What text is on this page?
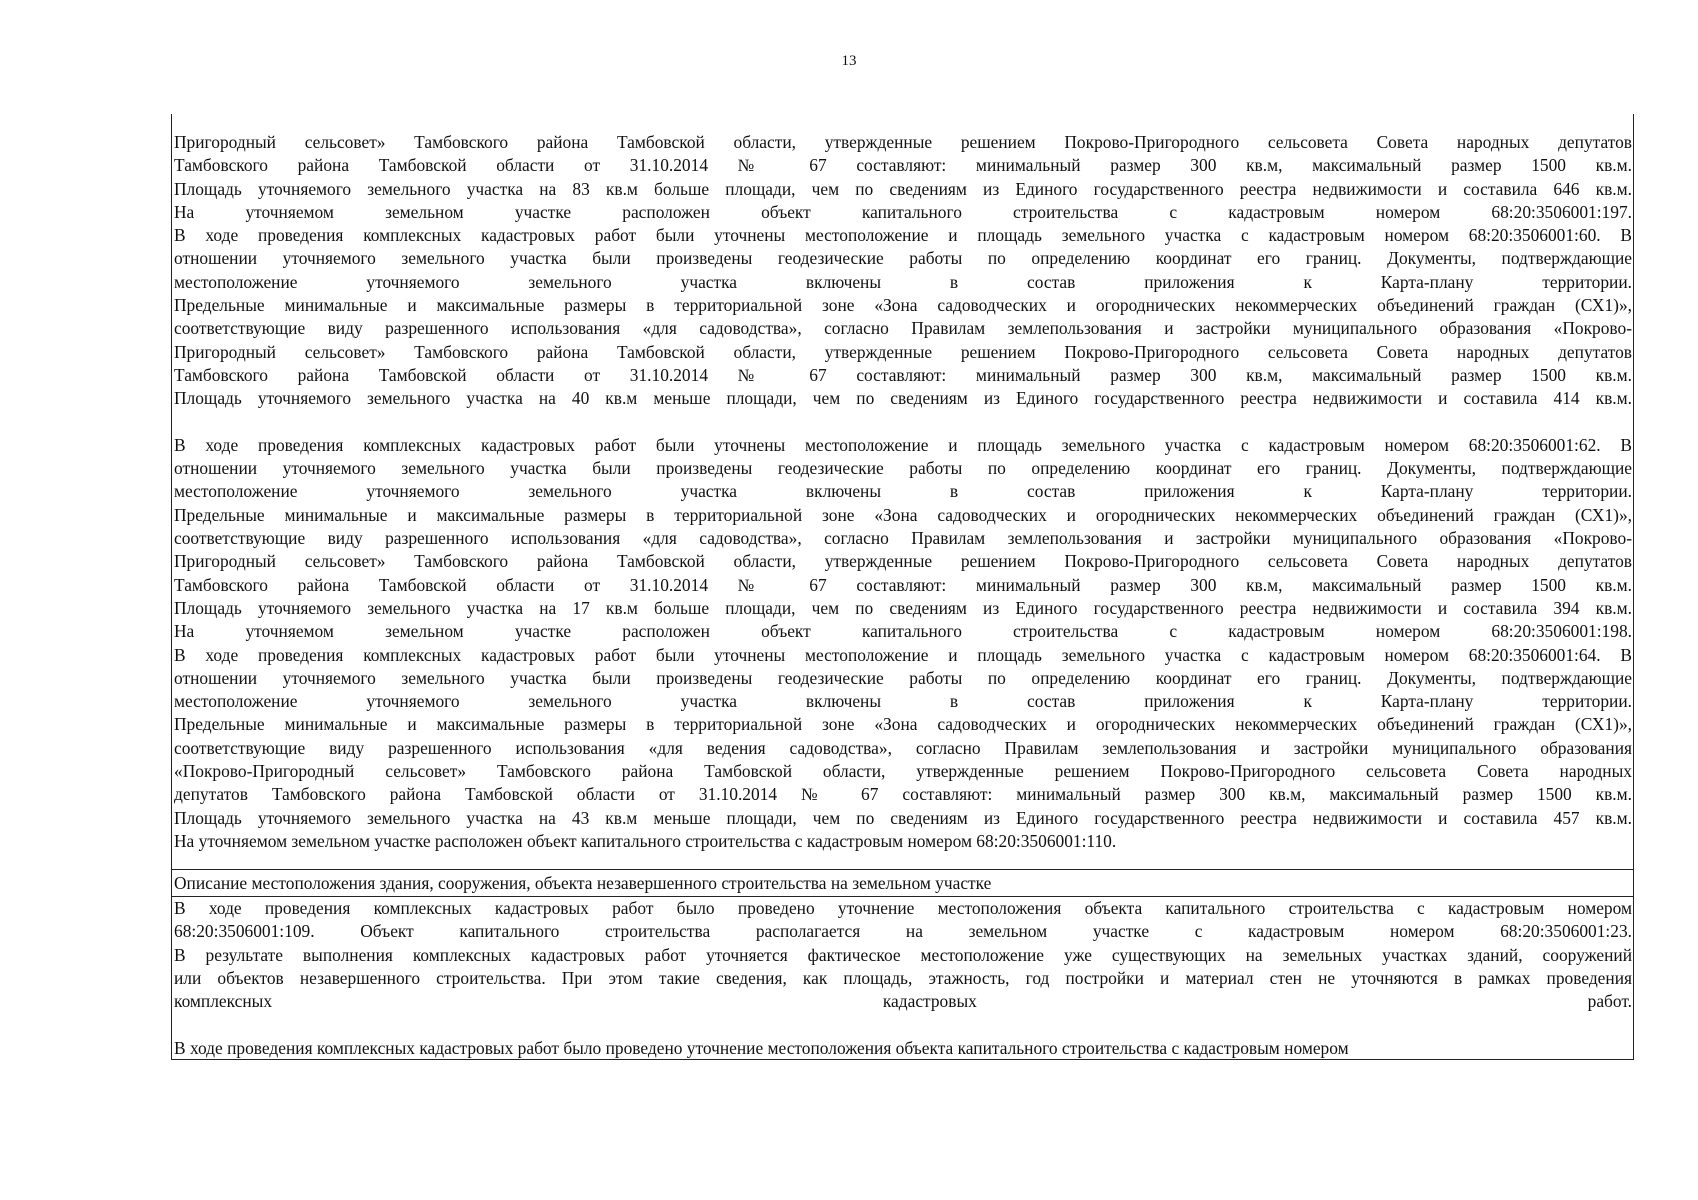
13

Пригородный сельсовет» Тамбовского района Тамбовской области, утвержденные решением Покрово-Пригородного сельсовета Совета народных депутатов

Тамбовского района Тамбовской области от 31.10.2014 № 67 составляют: минимальный размер 300 кв.м, максимальный размер 1500 кв.м.

Площадь уточняемого земельного участка на 83 кв.м больше площади, чем по сведениям из Единого государственного реестра недвижимости и составила 646 кв.м.

На уточняемом земельном участке расположен объект капитального строительства с кадастровым номером 68:20:3506001:197.

В ходе проведения комплексных кадастровых работ были уточнены местоположение и площадь земельного участка с кадастровым номером 68:20:3506001:60. В

отношении уточняемого земельного участка были произведены геодезические работы по определению координат его границ. Документы, подтверждающие

местоположение уточняемого земельного участка включены в состав приложения к Карта-плану территории.

Предельные минимальные и максимальные размеры в территориальной зоне «Зона садоводческих и огороднических некоммерческих объединений граждан (СХ1)»,

соответствующие виду разрешенного использования «для садоводства», согласно Правилам землепользования и застройки муниципального образования «Покрово-

Пригородный сельсовет» Тамбовского района Тамбовской области, утвержденные решением Покрово-Пригородного сельсовета Совета народных депутатов

Тамбовского района Тамбовской области от 31.10.2014 № 67 составляют: минимальный размер 300 кв.м, максимальный размер 1500 кв.м.

Площадь уточняемого земельного участка на 40 кв.м меньше площади, чем по сведениям из Единого государственного реестра недвижимости и составила 414 кв.м.

В ходе проведения комплексных кадастровых работ были уточнены местоположение и площадь земельного участка с кадастровым номером 68:20:3506001:62. В

отношении уточняемого земельного участка были произведены геодезические работы по определению координат его границ. Документы, подтверждающие

местоположение уточняемого земельного участка включены в состав приложения к Карта-плану территории.

Предельные минимальные и максимальные размеры в территориальной зоне «Зона садоводческих и огороднических некоммерческих объединений граждан (СХ1)»,

соответствующие виду разрешенного использования «для садоводства», согласно Правилам землепользования и застройки муниципального образования «Покрово-

Пригородный сельсовет» Тамбовского района Тамбовской области, утвержденные решением Покрово-Пригородного сельсовета Совета народных депутатов

Тамбовского района Тамбовской области от 31.10.2014 № 67 составляют: минимальный размер 300 кв.м, максимальный размер 1500 кв.м.

Площадь уточняемого земельного участка на 17 кв.м больше площади, чем по сведениям из Единого государственного реестра недвижимости и составила 394 кв.м.

На уточняемом земельном участке расположен объект капитального строительства с кадастровым номером 68:20:3506001:198.

В ходе проведения комплексных кадастровых работ были уточнены местоположение и площадь земельного участка с кадастровым номером 68:20:3506001:64. В

отношении уточняемого земельного участка были произведены геодезические работы по определению координат его границ. Документы, подтверждающие

местоположение уточняемого земельного участка включены в состав приложения к Карта-плану территории.

Предельные минимальные и максимальные размеры в территориальной зоне «Зона садоводческих и огороднических некоммерческих объединений граждан (СХ1)»,

соответствующие виду разрешенного использования «для ведения садоводства», согласно Правилам землепользования и застройки муниципального образования

«Покрово-Пригородный сельсовет» Тамбовского района Тамбовской области, утвержденные решением Покрово-Пригородного сельсовета Совета народных

депутатов Тамбовского района Тамбовской области от 31.10.2014 № 67 составляют: минимальный размер 300 кв.м, максимальный размер 1500 кв.м.

Площадь уточняемого земельного участка на 43 кв.м меньше площади, чем по сведениям из Единого государственного реестра недвижимости и составила 457 кв.м.

На уточняемом земельном участке расположен объект капитального строительства с кадастровым номером 68:20:3506001:110.

Описание местоположения здания, сооружения, объекта незавершенного строительства на земельном участке

В ходе проведения комплексных кадастровых работ было проведено уточнение местоположения объекта капитального строительства с кадастровым номером

68:20:3506001:109. Объект капитального строительства располагается на земельном участке с кадастровым номером 68:20:3506001:23.

В результате выполнения комплексных кадастровых работ уточняется фактическое местоположение уже существующих на земельных участках зданий, сооружений

или объектов незавершенного строительства. При этом такие сведения, как площадь, этажность, год постройки и материал стен не уточняются в рамках проведения

комплексных кадастровых работ.

В ходе проведения комплексных кадастровых работ было проведено уточнение местоположения объекта капитального строительства с кадастровым номером
